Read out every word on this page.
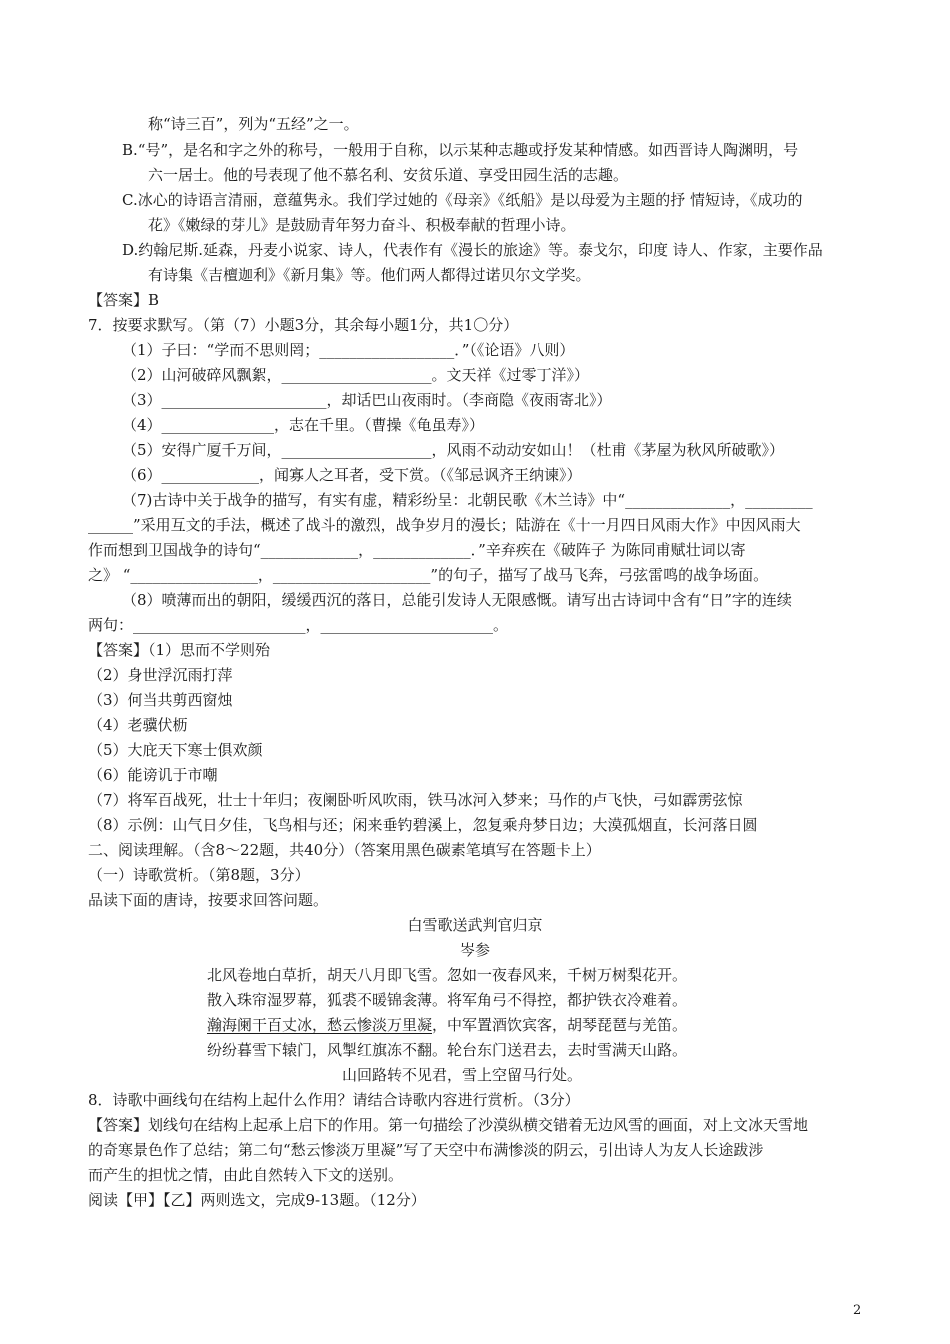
称“诗三百”，列为“五经”之一。
B.“号”，是名和字之外的称号，一般用于自称，以示某种志趣或抒发某种情感。如西晋诗人陶渊明，号
六一居士。他的号表现了他不慕名利、安贫乐道、享受田园生活的志趣。
C.冰心的诗语言清丽，意蕴隽永。我们学过她的《母亲》《纸船》是以母爱为主题的抒 情短诗，《成功的
花》《嫩绿的芽儿》是鼓励青年努力奋斗、积极奉献的哲理小诗。
D.约翰尼斯.延森，丹麦小说家、诗人，代表作有《漫长的旅途》等。泰戈尔，印度 诗人、作家，主要作品
有诗集《吉檀迦利》《新月集》等。他们两人都得过诺贝尔文学奖。
【答案】B
7．按要求默写。（第（7）小题3分，其余每小题1分，共1〇分）
（1）子曰：“学而不思则罔；__________________．”（《论语》八则）
（2）山河破碎风飘絮，____________________。文天祥《过零丁洋》）
（3）______________________，却话巴山夜雨时。（李商隐《夜雨寄北》）
（4）_______________，志在千里。（曹操《龟虽寿》）
（5）安得广厦千万间，____________________，风雨不动动安如山！（杜甫《茅屋为秋风所破歌》）
（6）_____________，闻寡人之耳者，受下赏。（《邹忌讽齐王纳谏》）
（7)古诗中关于战争的描写，有实有虚，精彩纷呈：北朝民歌《木兰诗》中“______________，_________
______”采用互文的手法，概述了战斗的激烈，战争岁月的漫长；陆游在《十一月四日风雨大作》中因风雨大
作而想到卫国战争的诗句“_____________，_____________．”辛弃疾在《破阵子 为陈同甫赋壮词以寄
之》 “_________________，_____________________”的句子，描写了战马飞奔，弓弦雷鸣的战争场面。
（8）喷薄而出的朝阳，缓缓西沉的落日，总能引发诗人无限感慨。请写出古诗词中含有“日”字的连续
两句：_______________________，_______________________。
【答案】（1）思而不学则殆
（2）身世浮沉雨打萍
（3）何当共剪西窗烛
（4）老骥伏枥
（5）大庇天下寒士俱欢颜
（6）能谤讥于市嘲
（7）将军百战死，壮士十年归；夜阑卧听风吹雨，铁马冰河入梦来；马作的卢飞快，弓如霹雳弦惊
（8）示例：山气日夕佳，飞鸟相与还；闲来垂钓碧溪上，忽复乘舟梦日边；大漠孤烟直，长河落日圆
二、阅读理解。（含8〜22题，共40分）（答案用黑色碳素笔填写在答题卡上）
（一）诗歌赏析。（第8题，3分）
品读下面的唐诗，按要求回答问题。
白雪歌送武判官归京
岑参
北风卷地白草折，胡天八月即飞雪。忽如一夜春风来，千树万树梨花开。
散入珠帘湿罗幕，狐裘不暖锦衾薄。将军角弓不得控，都护铁衣冷难着。
瀚海阑干百丈冰，愁云惨淡万里凝，中军置酒饮宾客，胡琴琵琶与羌笛。
纷纷暮雪下辕门，风掣红旗冻不翻。轮台东门送君去，去时雪满天山路。
山回路转不见君，雪上空留马行处。
8．诗歌中画线句在结构上起什么作用？请结合诗歌内容进行赏析。（3分）
【答案】划线句在结构上起承上启下的作用。第一句描绘了沙漠纵横交错着无边风雪的画面，对上文冰天雪地
的奇寒景色作了总结；第二句“愁云惨淡万里凝”写了天空中布满惨淡的阴云，引出诗人为友人长途跋涉
而产生的担忧之情，由此自然转入下文的送别。
阅读【甲】【乙】两则选文，完成9-13题。（12分）
2
